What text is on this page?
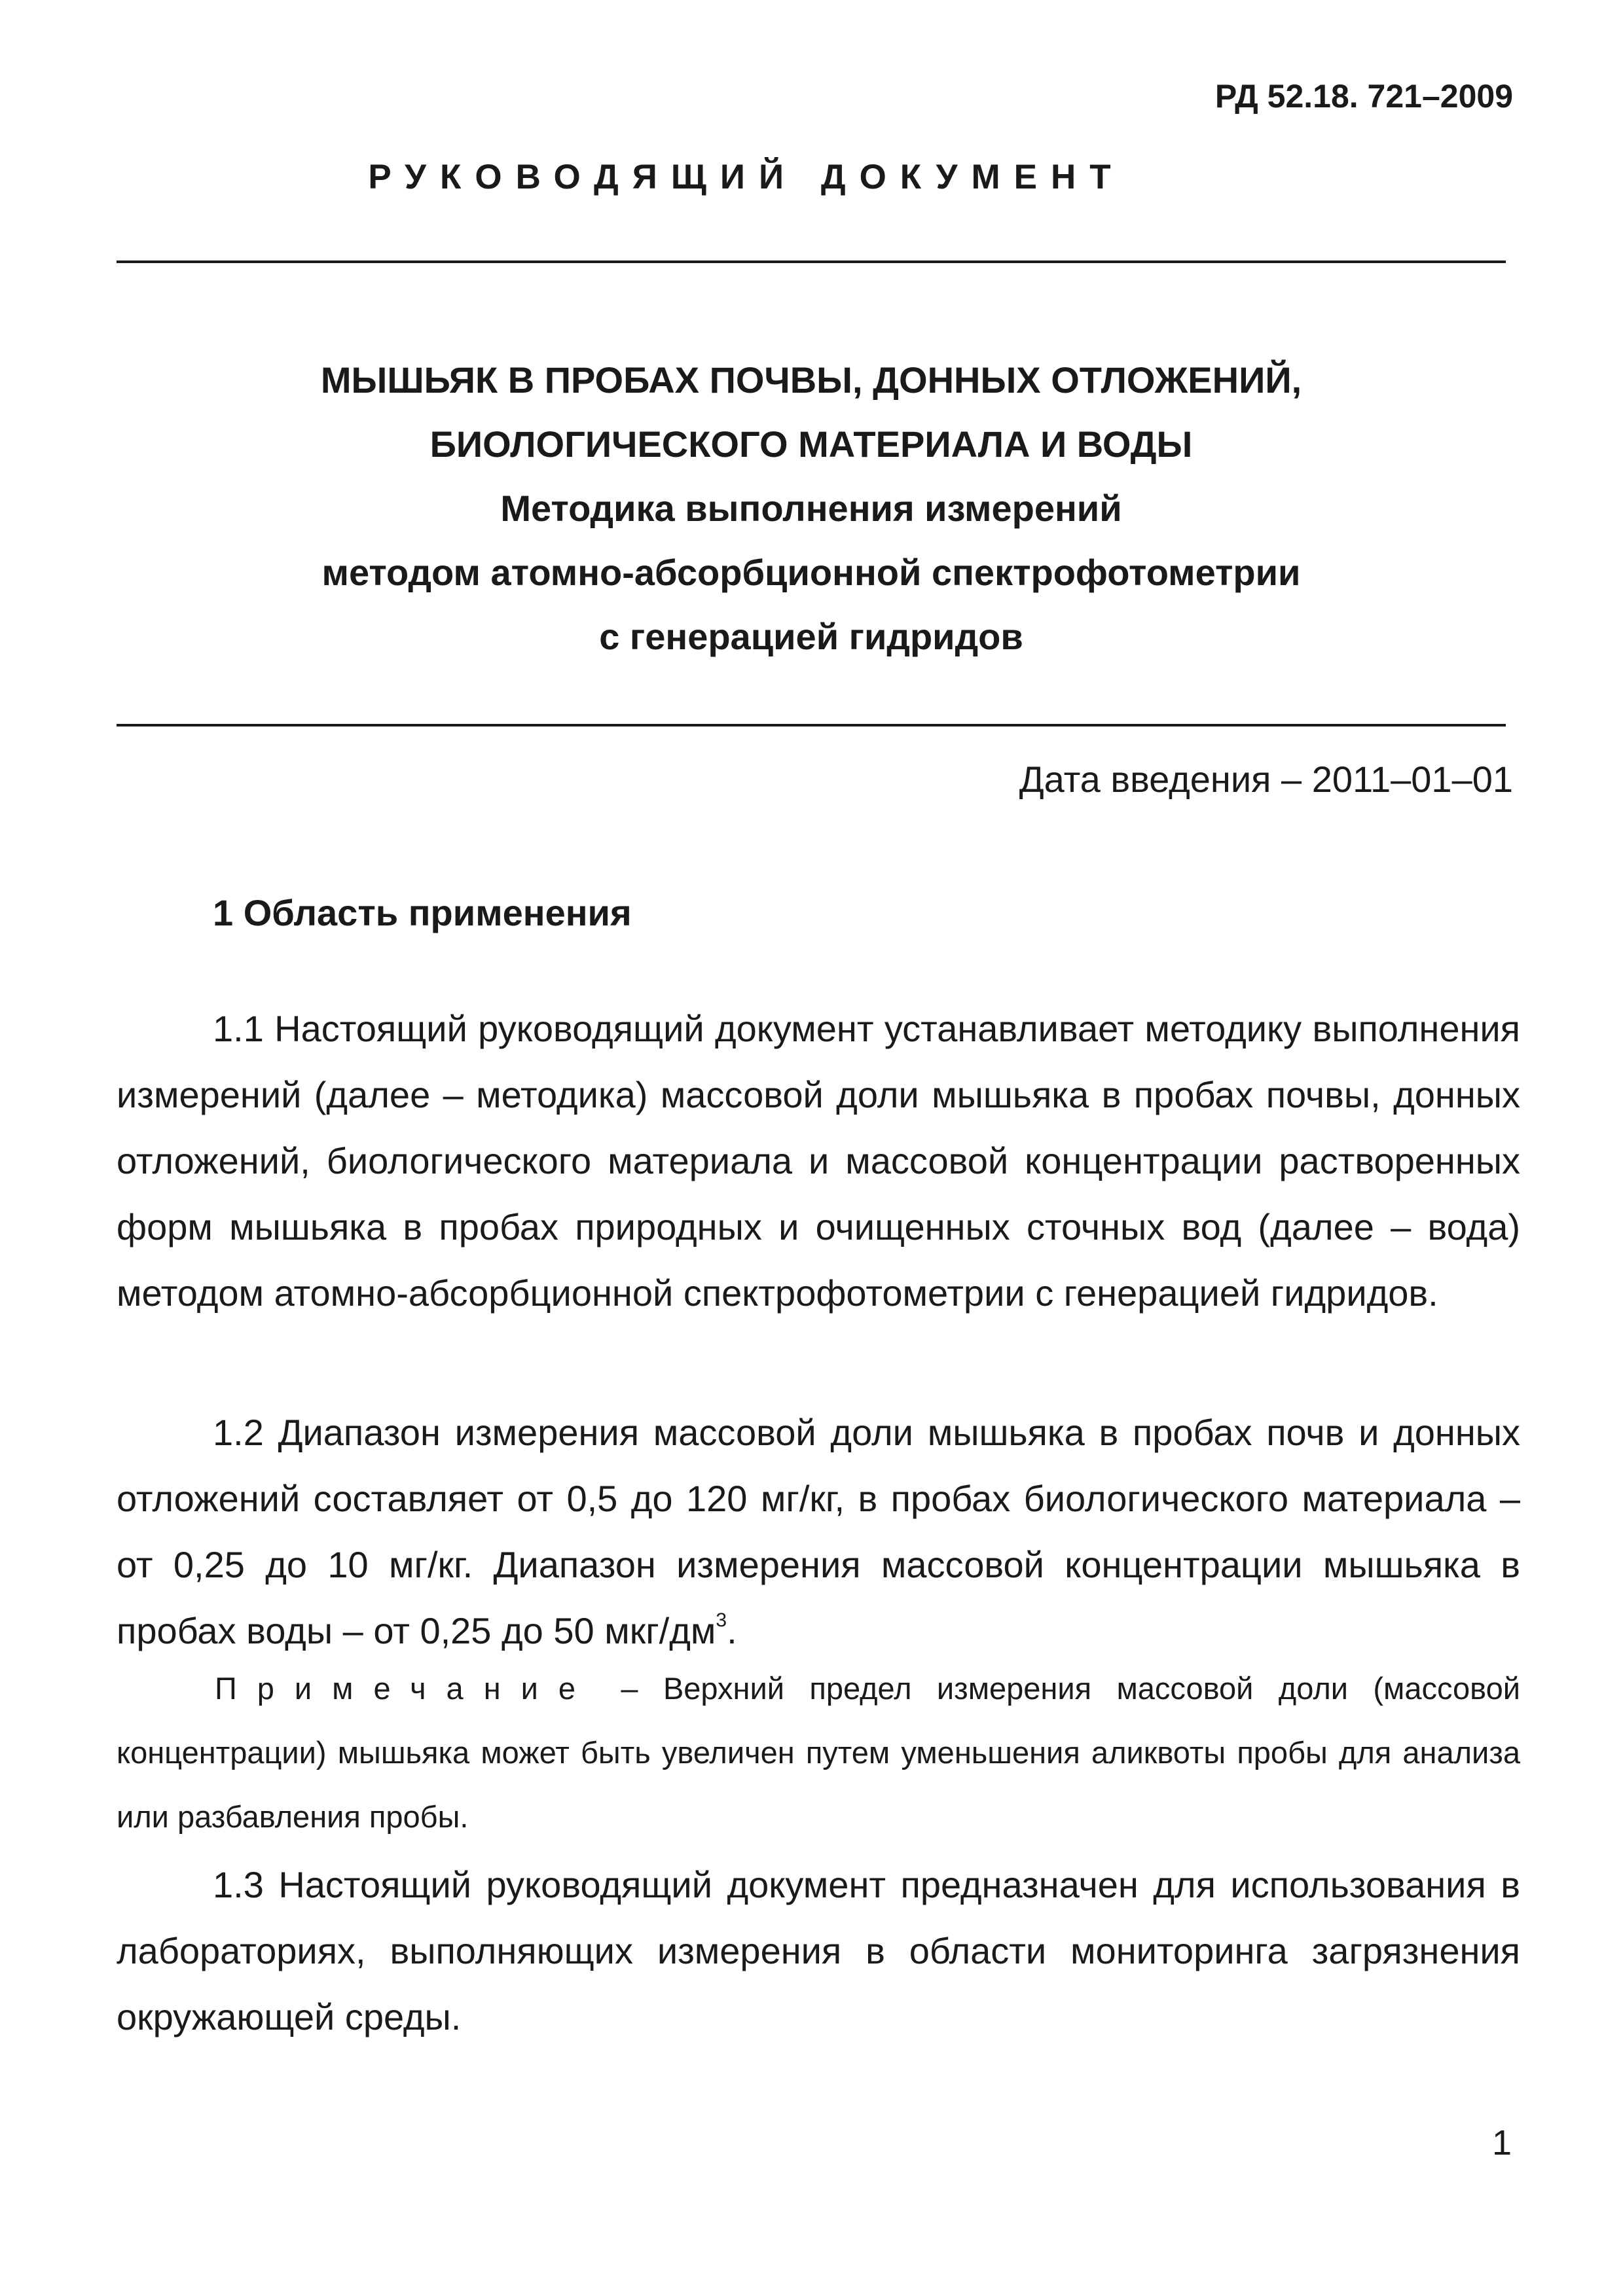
РД 52.18. 721–2009
РУКОВОДЯЩИЙ ДОКУМЕНТ
МЫШЬЯК В ПРОБАХ ПОЧВЫ, ДОННЫХ ОТЛОЖЕНИЙ,
БИОЛОГИЧЕСКОГО МАТЕРИАЛА И ВОДЫ
Методика выполнения измерений
методом атомно-абсорбционной спектрофотометрии
с генерацией гидридов
Дата введения – 2011–01–01
1 Область применения

1.1 Настоящий руководящий документ устанавливает методику выполнения измерений (далее – методика) массовой доли мышьяка в пробах почвы, донных отложений, биологического материала и массовой концентрации растворенных форм мышьяка в пробах природных и очищенных сточных вод (далее – вода) методом атомно-абсорбционной спектрофотометрии с генерацией гидридов.

1.2 Диапазон измерения массовой доли мышьяка в пробах почв и донных отложений составляет от 0,5 до 120 мг/кг, в пробах биологического материала – от 0,25 до 10 мг/кг. Диапазон измерения массовой концентрации мышьяка в пробах воды – от 0,25 до 50 мкг/$дм^3$.

Примечание – Верхний предел измерения массовой доли (массовой концентрации) мышьяка может быть увеличен путем уменьшения аликвоты пробы для анализа или разбавления пробы.

1.3 Настоящий руководящий документ предназначен для использования в лабораториях, выполняющих измерения в области мониторинга загрязнения окружающей среды.

1
